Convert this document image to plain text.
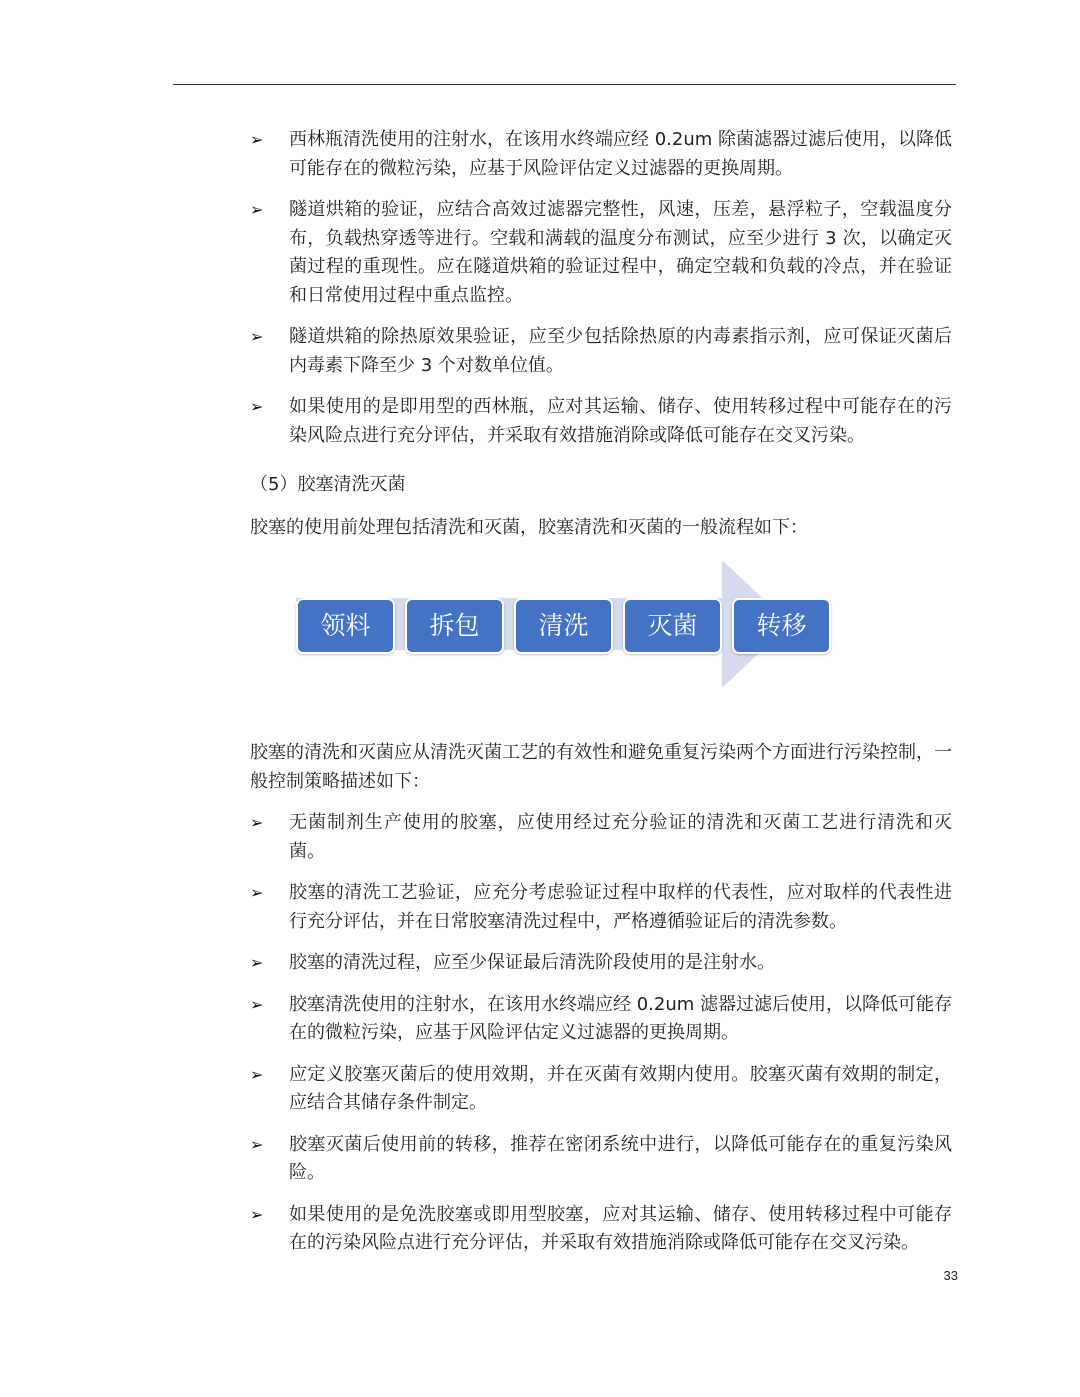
➢ 西林瓶清洗使用的注射水，在该用水终端应经 0.2um 除菌滤器过滤后使用，以降低可能存在的微粒污染，应基于风险评估定义过滤器的更换周期。
➢ 隧道烘箱的验证，应结合高效过滤器完整性，风速，压差，悬浮粒子，空载温度分布，负载热穿透等进行。空载和满载的温度分布测试，应至少进行 3 次，以确定灭菌过程的重现性。应在隧道烘箱的验证过程中，确定空载和负载的冷点，并在验证和日常使用过程中重点监控。
➢ 隧道烘箱的除热原效果验证，应至少包括除热原的内毒素指示剂，应可保证灭菌后内毒素下降至少 3 个对数单位值。
➢ 如果使用的是即用型的西林瓶，应对其运输、储存、使用转移过程中可能存在的污染风险点进行充分评估，并采取有效措施消除或降低可能存在交叉污染。
（5）胶塞清洗灭菌
胶塞的使用前处理包括清洗和灭菌，胶塞清洗和灭菌的一般流程如下：
领料	拆包	清洗	灭菌	转移
胶塞的清洗和灭菌应从清洗灭菌工艺的有效性和避免重复污染两个方面进行污染控制，一般控制策略描述如下：
➢ 无菌制剂生产使用的胶塞，应使用经过充分验证的清洗和灭菌工艺进行清洗和灭菌。
➢ 胶塞的清洗工艺验证，应充分考虑验证过程中取样的代表性，应对取样的代表性进行充分评估，并在日常胶塞清洗过程中，严格遵循验证后的清洗参数。
➢ 胶塞的清洗过程，应至少保证最后清洗阶段使用的是注射水。
➢ 胶塞清洗使用的注射水，在该用水终端应经 0.2um 滤器过滤后使用，以降低可能存在的微粒污染，应基于风险评估定义过滤器的更换周期。
➢ 应定义胶塞灭菌后的使用效期，并在灭菌有效期内使用。胶塞灭菌有效期的制定，应结合其储存条件制定。
➢ 胶塞灭菌后使用前的转移，推荐在密闭系统中进行，以降低可能存在的重复污染风险。
➢ 如果使用的是免洗胶塞或即用型胶塞，应对其运输、储存、使用转移过程中可能存在的污染风险点进行充分评估，并采取有效措施消除或降低可能存在交叉污染。
33
